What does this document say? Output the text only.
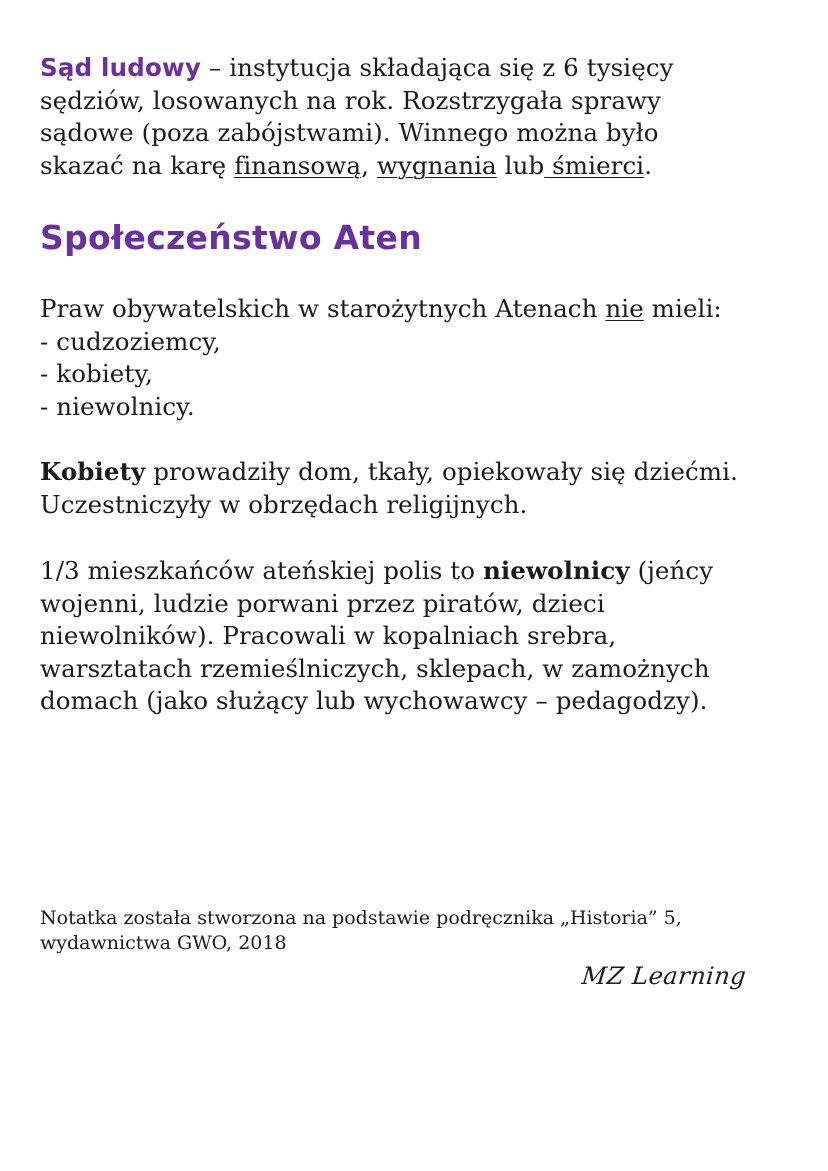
Sąd ludowy – instytucja składająca się z 6 tysięcy
sędziów, losowanych na rok. Rozstrzygała sprawy
sądowe (poza zabójstwami). Winnego można było
skazać na karę finansową, wygnania lub śmierci.

Społeczeństwo Aten

Praw obywatelskich w starożytnych Atenach nie mieli:
- cudzoziemcy,
- kobiety,
- niewolnicy.

Kobiety prowadziły dom, tkały, opiekowały się dziećmi.
Uczestniczyły w obrzędach religijnych.

1/3 mieszkańców ateńskiej polis to niewolnicy (jeńcy
wojenni, ludzie porwani przez piratów, dzieci
niewolników). Pracowali w kopalniach srebra,
warsztatach rzemieślniczych, sklepach, w zamożnych
domach (jako służący lub wychowawcy – pedagodzy).

Notatka została stworzona na podstawie podręcznika „Historia” 5,
wydawnictwa GWO, 2018

MZ Learning
